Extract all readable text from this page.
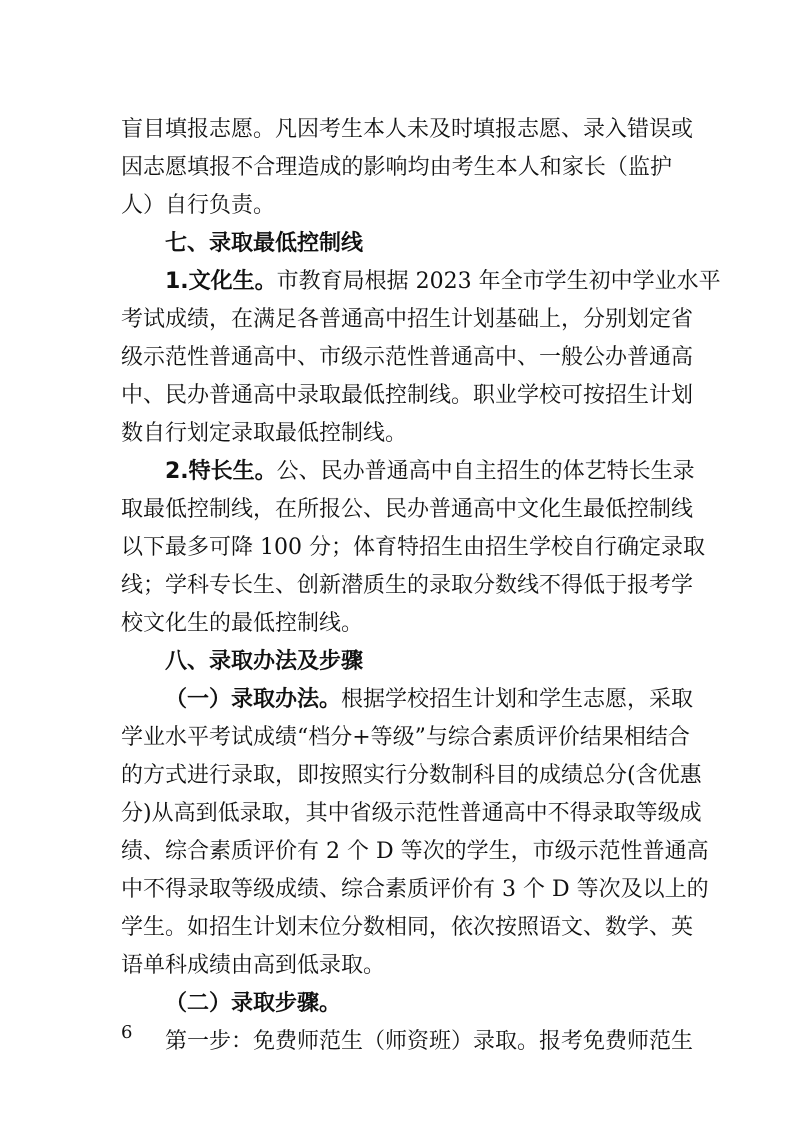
盲目填报志愿。凡因考生本人未及时填报志愿、录入错误或
因志愿填报不合理造成的影响均由考生本人和家长（监护
人）自行负责。
七、录取最低控制线
1.文化生。市教育局根据 2023 年全市学生初中学业水平
考试成绩，在满足各普通高中招生计划基础上，分别划定省
级示范性普通高中、市级示范性普通高中、一般公办普通高
中、民办普通高中录取最低控制线。职业学校可按招生计划
数自行划定录取最低控制线。
2.特长生。公、民办普通高中自主招生的体艺特长生录
取最低控制线，在所报公、民办普通高中文化生最低控制线
以下最多可降 100 分；体育特招生由招生学校自行确定录取
线；学科专长生、创新潜质生的录取分数线不得低于报考学
校文化生的最低控制线。
八、录取办法及步骤
（一）录取办法。根据学校招生计划和学生志愿，采取
学业水平考试成绩“档分+等级”与综合素质评价结果相结合
的方式进行录取，即按照实行分数制科目的成绩总分(含优惠
分)从高到低录取，其中省级示范性普通高中不得录取等级成
绩、综合素质评价有 2 个 D 等次的学生，市级示范性普通高
中不得录取等级成绩、综合素质评价有 3 个 D 等次及以上的
学生。如招生计划末位分数相同，依次按照语文、数学、英
语单科成绩由高到低录取。
（二）录取步骤。
第一步：免费师范生（师资班）录取。报考免费师范生
6
